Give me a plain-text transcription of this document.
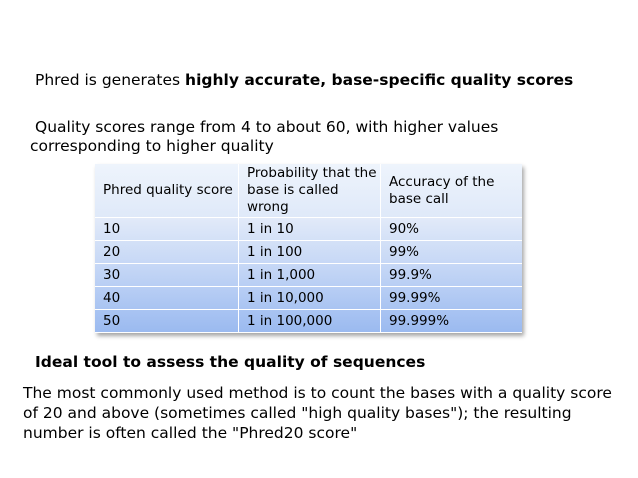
Phred is generates highly accurate, base-specific quality scores
Quality scores range from 4 to about 60, with higher values
corresponding to higher quality
Phred quality score	Probability that the base is called wrong	Accuracy of the base call
10	1 in 10	90%
20	1 in 100	99%
30	1 in 1,000	99.9%
40	1 in 10,000	99.99%
50	1 in 100,000	99.999%
Ideal tool to assess the quality of sequences
The most commonly used method is to count the bases with a quality score of 20 and above (sometimes called "high quality bases"); the resulting number is often called the "Phred20 score"
